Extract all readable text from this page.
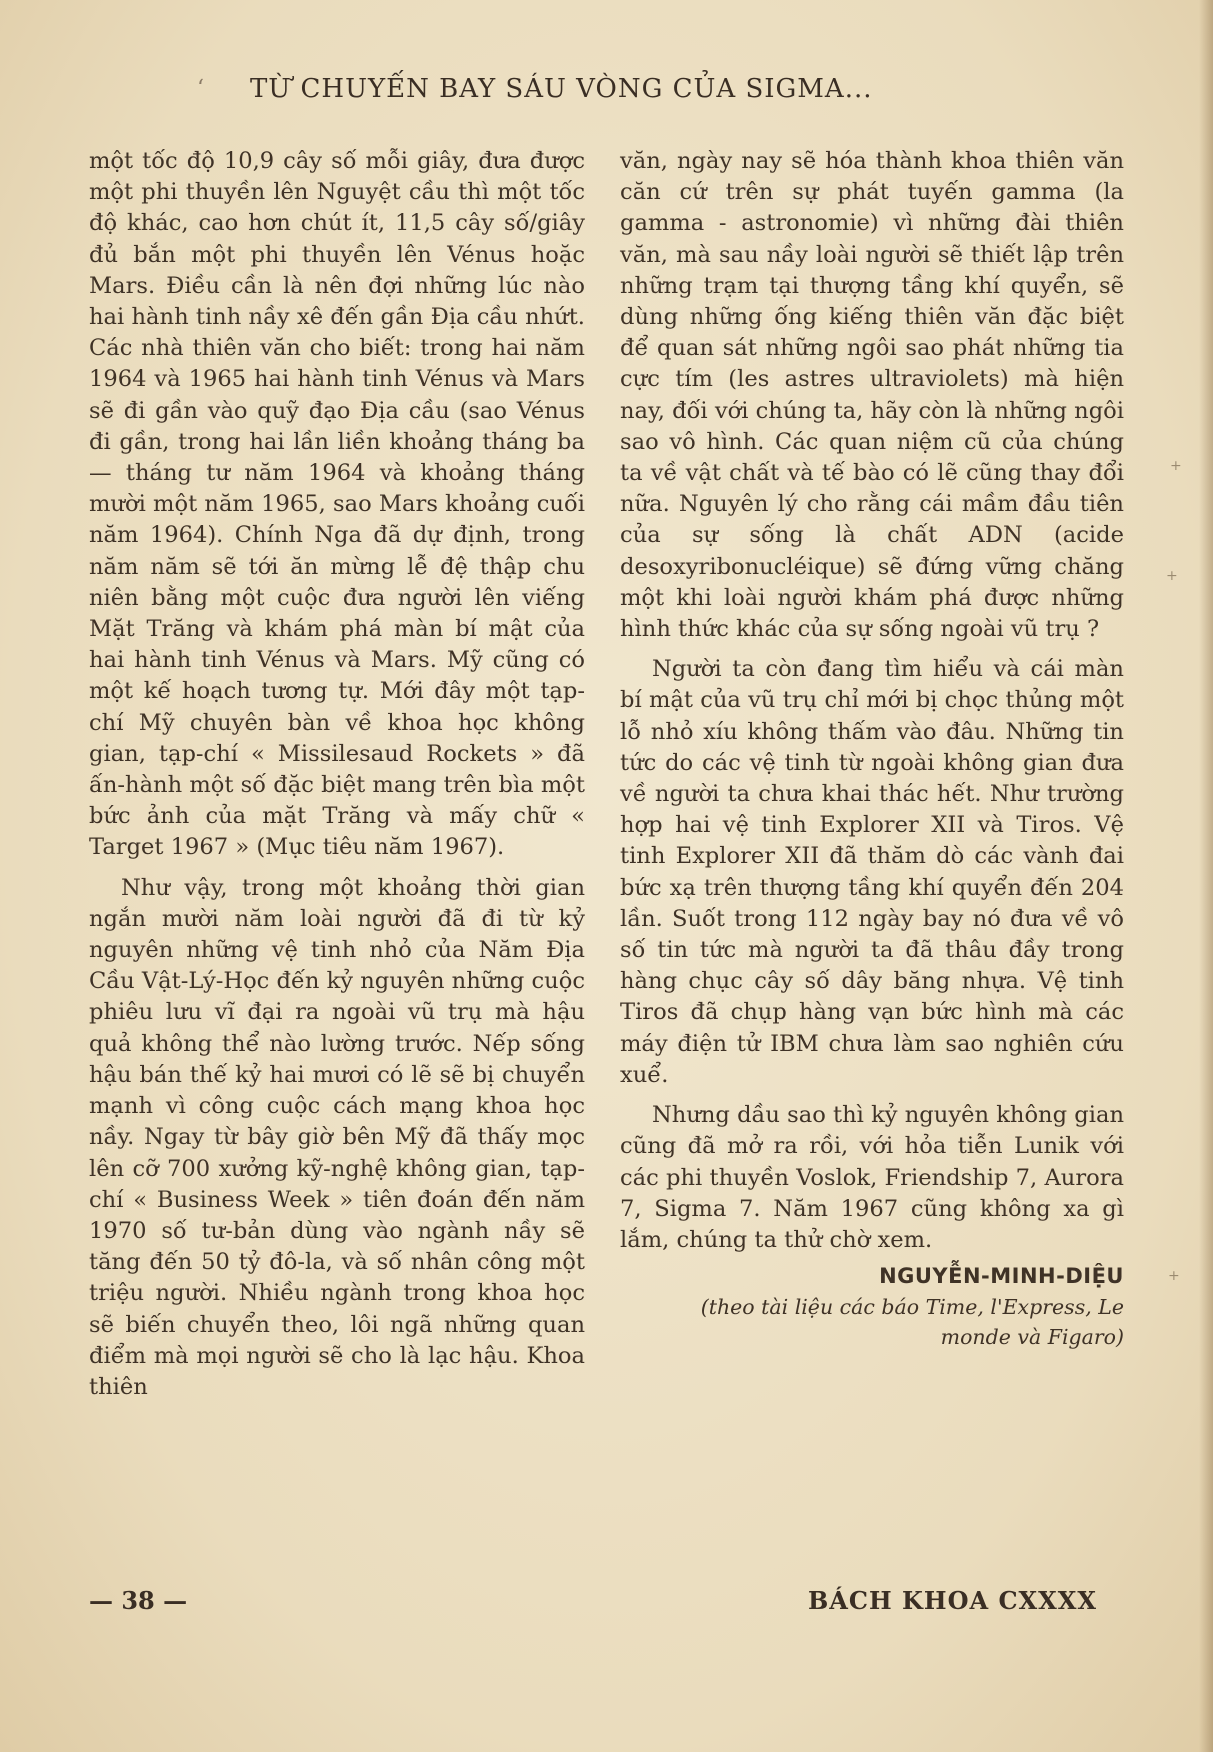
‘ TỪ CHUYẾN BAY SÁU VÒNG CỦA SIGMA...

một tốc độ 10,9 cây số mỗi giây, đưa được một phi thuyền lên Nguyệt cầu thì một tốc độ khác, cao hơn chút ít, 11,5 cây số/giây đủ bắn một phi thuyền lên Vénus hoặc Mars. Điều cần là nên đợi những lúc nào hai hành tinh nầy xê đến gần Địa cầu nhứt. Các nhà thiên văn cho biết: trong hai năm 1964 và 1965 hai hành tinh Vénus và Mars sẽ đi gần vào quỹ đạo Địa cầu (sao Vénus đi gần, trong hai lần liền khoảng tháng ba — tháng tư năm 1964 và khoảng tháng mười một năm 1965, sao Mars khoảng cuối năm 1964). Chính Nga đã dự định, trong năm năm sẽ tới ăn mừng lễ đệ thập chu niên bằng một cuộc đưa người lên viếng Mặt Trăng và khám phá màn bí mật của hai hành tinh Vénus và Mars. Mỹ cũng có một kế hoạch tương tự. Mới đây một tạp-chí Mỹ chuyên bàn về khoa học không gian, tạp-chí « Missilesaud Rockets » đã ấn-hành một số đặc biệt mang trên bìa một bức ảnh của mặt Trăng và mấy chữ « Target 1967 » (Mục tiêu năm 1967).

Như vậy, trong một khoảng thời gian ngắn mười năm loài người đã đi từ kỷ nguyên những vệ tinh nhỏ của Năm Địa Cầu Vật-Lý-Học đến kỷ nguyên những cuộc phiêu lưu vĩ đại ra ngoài vũ trụ mà hậu quả không thể nào lường trước. Nếp sống hậu bán thế kỷ hai mươi có lẽ sẽ bị chuyển mạnh vì công cuộc cách mạng khoa học nầy. Ngay từ bây giờ bên Mỹ đã thấy mọc lên cỡ 700 xưởng kỹ-nghệ không gian, tạp-chí « Business Week » tiên đoán đến năm 1970 số tư-bản dùng vào ngành nầy sẽ tăng đến 50 tỷ đô-la, và số nhân công một triệu người. Nhiều ngành trong khoa học sẽ biến chuyển theo, lôi ngã những quan điểm mà mọi người sẽ cho là lạc hậu. Khoa thiên

văn, ngày nay sẽ hóa thành khoa thiên văn căn cứ trên sự phát tuyến gamma (la gamma - astronomie) vì những đài thiên văn, mà sau nầy loài người sẽ thiết lập trên những trạm tại thượng tầng khí quyển, sẽ dùng những ống kiếng thiên văn đặc biệt để quan sát những ngôi sao phát những tia cực tím (les astres ultraviolets) mà hiện nay, đối với chúng ta, hãy còn là những ngôi sao vô hình. Các quan niệm cũ của chúng ta về vật chất và tế bào có lẽ cũng thay đổi nữa. Nguyên lý cho rằng cái mầm đầu tiên của sự sống là chất ADN (acide desoxyribonucléique) sẽ đứng vững chăng một khi loài người khám phá được những hình thức khác của sự sống ngoài vũ trụ ?

Người ta còn đang tìm hiểu và cái màn bí mật của vũ trụ chỉ mới bị chọc thủng một lỗ nhỏ xíu không thấm vào đâu. Những tin tức do các vệ tinh từ ngoài không gian đưa về người ta chưa khai thác hết. Như trường hợp hai vệ tinh Explorer XII và Tiros. Vệ tinh Explorer XII đã thăm dò các vành đai bức xạ trên thượng tầng khí quyển đến 204 lần. Suốt trong 112 ngày bay nó đưa về vô số tin tức mà người ta đã thâu đầy trong hàng chục cây số dây băng nhựa. Vệ tinh Tiros đã chụp hàng vạn bức hình mà các máy điện tử IBM chưa làm sao nghiên cứu xuể.

Nhưng dầu sao thì kỷ nguyên không gian cũng đã mở ra rồi, với hỏa tiễn Lunik với các phi thuyền Voslok, Friendship 7, Aurora 7, Sigma 7. Năm 1967 cũng không xa gì lắm, chúng ta thử chờ xem.

NGUYỄN-MINH-DIỆU

(theo tài liệu các báo Time, l'Express, Le monde và Figaro)

— 38 —	BÁCH KHOA CXXXX
+
+
+
